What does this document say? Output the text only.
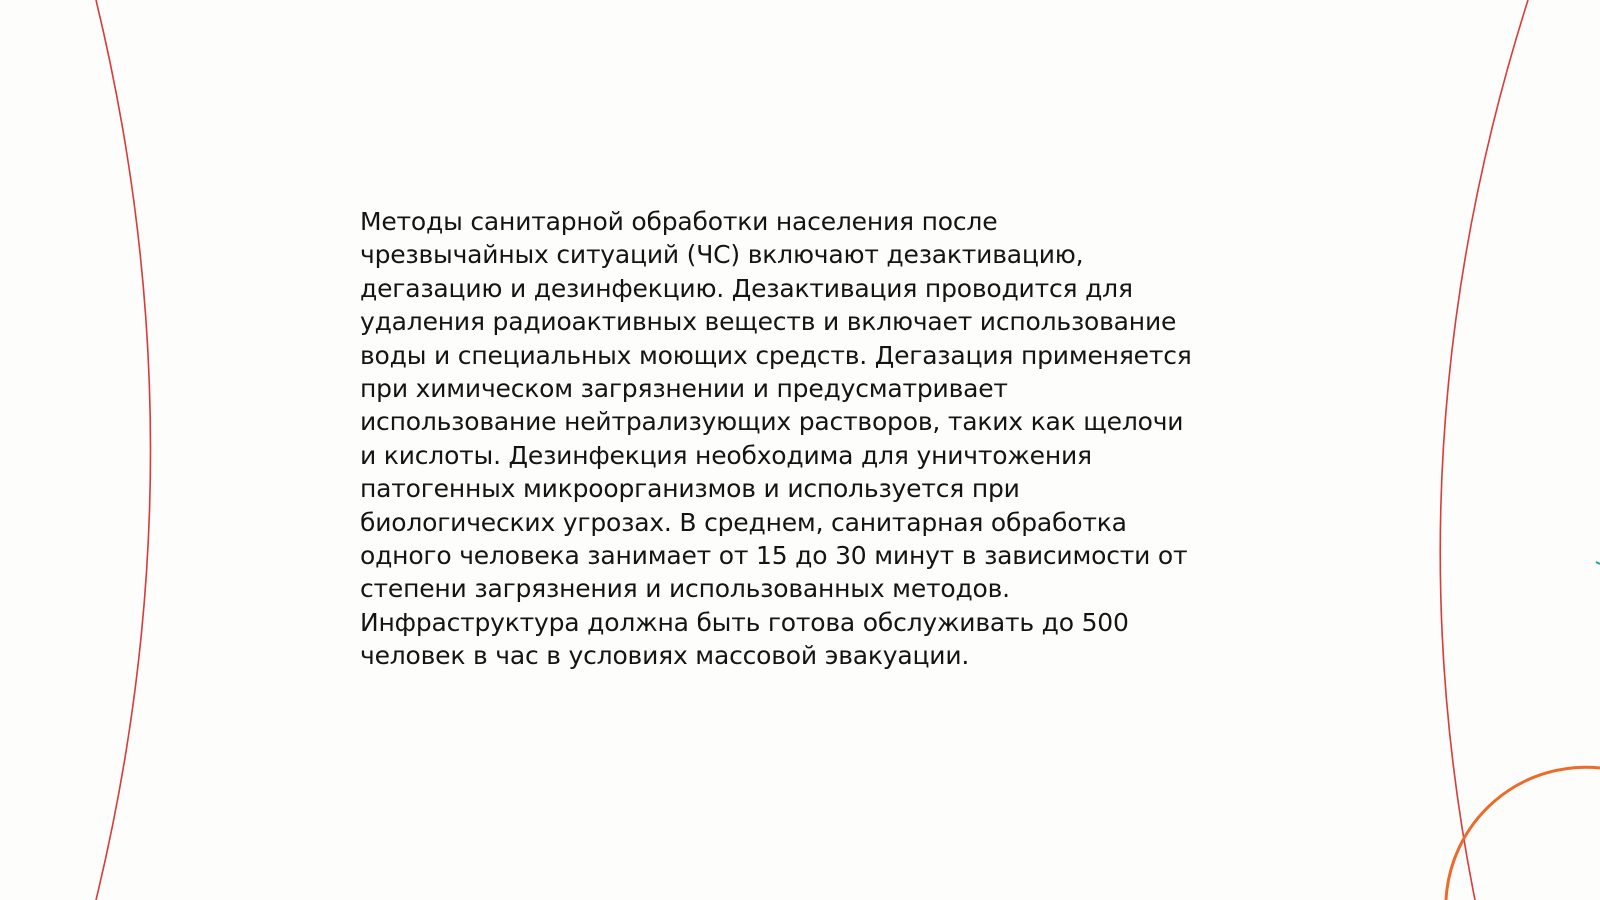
Методы санитарной обработки населения после
чрезвычайных ситуаций (ЧС) включают дезактивацию,
дегазацию и дезинфекцию. Дезактивация проводится для
удаления радиоактивных веществ и включает использование
воды и специальных моющих средств. Дегазация применяется
при химическом загрязнении и предусматривает
использование нейтрализующих растворов, таких как щелочи
и кислоты. Дезинфекция необходима для уничтожения
патогенных микроорганизмов и используется при
биологических угрозах. В среднем, санитарная обработка
одного человека занимает от 15 до 30 минут в зависимости от
степени загрязнения и использованных методов.
Инфраструктура должна быть готова обслуживать до 500
человек в час в условиях массовой эвакуации.
